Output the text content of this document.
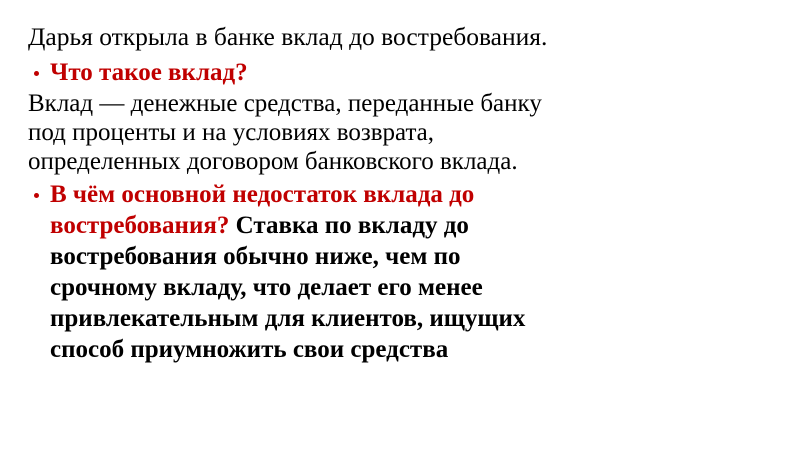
Дарья открыла в банке вклад до востребования.
Что такое вклад?
Вклад — денежные средства, переданные банку
под проценты и на условиях возврата,
определенных договором банковского вклада.
В чём основной недостаток вклада до
востребования? Ставка по вкладу до
востребования обычно ниже, чем по
срочному вкладу, что делает его менее
привлекательным для клиентов, ищущих
способ приумножить свои средства
